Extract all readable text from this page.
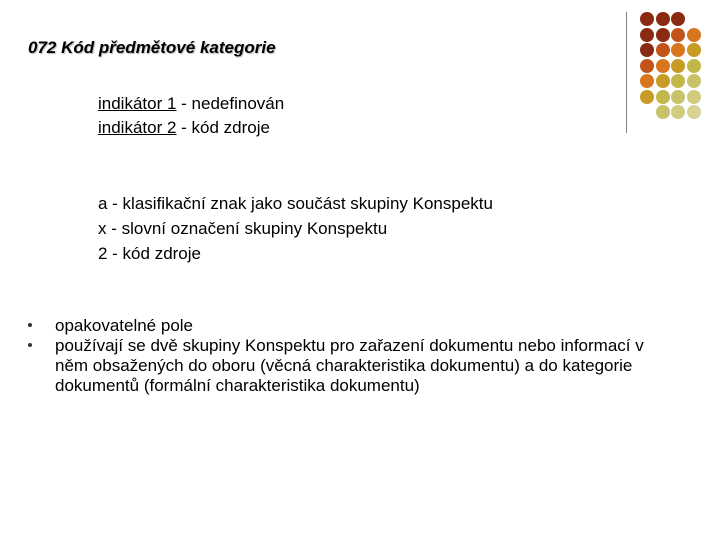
072 Kód předmětové kategorie
indikátor 1 - nedefinován
indikátor 2 - kód zdroje
a - klasifikační znak jako součást skupiny Konspektu
x - slovní označení skupiny Konspektu
2 - kód zdroje
opakovatelné pole
používají se dvě skupiny Konspektu pro zařazení dokumentu nebo informací v něm obsažených do oboru (věcná charakteristika dokumentu) a do kategorie dokumentů (formální charakteristika dokumentu)
